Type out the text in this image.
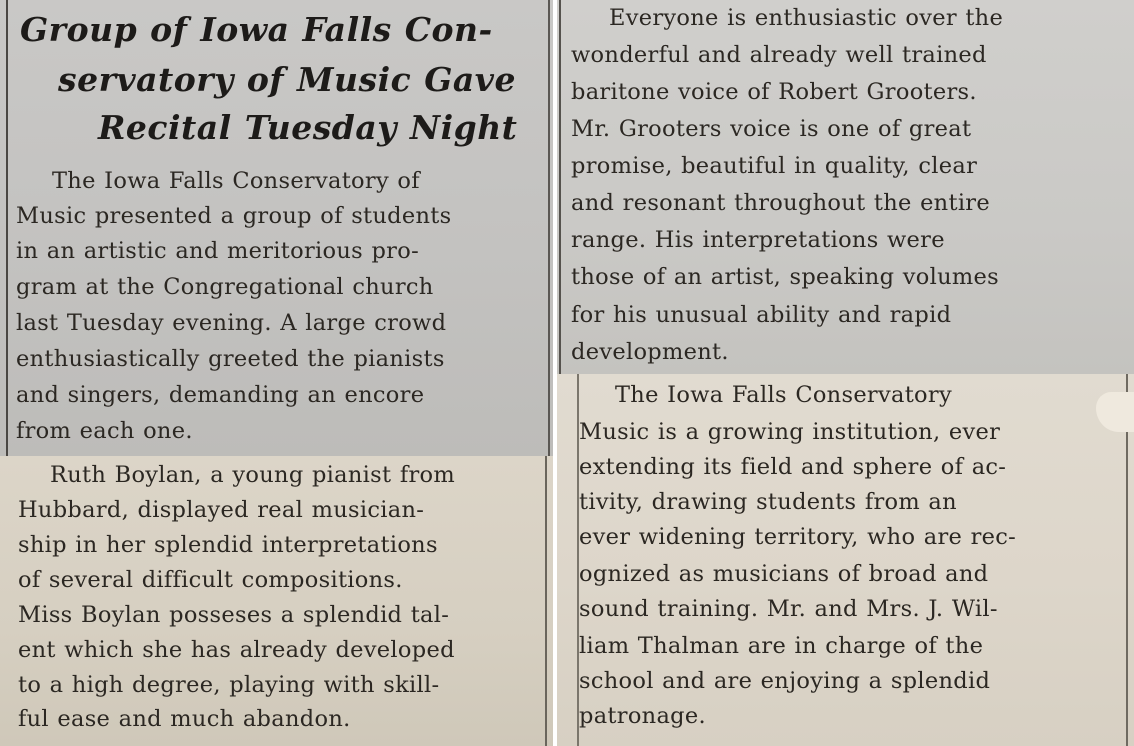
Group of Iowa Falls Con-

servatory of Music Gave

Recital Tuesday Night

The Iowa Falls Conservatory of

Music presented a group of students

in an artistic and meritorious pro-

gram at the Congregational church

last Tuesday evening. A large crowd

enthusiastically greeted the pianists

and singers, demanding an encore

from each one.

Ruth Boylan, a young pianist from

Hubbard, displayed real musician-

ship in her splendid interpretations

of several difficult compositions.

Miss Boylan posseses a splendid tal-

ent which she has already developed

to a high degree, playing with skill-

ful ease and much abandon.

Everyone is enthusiastic over the

wonderful and already well trained

baritone voice of Robert Grooters.

Mr. Grooters voice is one of great

promise, beautiful in quality, clear

and resonant throughout the entire

range. His interpretations were

those of an artist, speaking volumes

for his unusual ability and rapid

development.

The Iowa Falls Conservatory

Music is a growing institution, ever

extending its field and sphere of ac-

tivity, drawing students from an

ever widening territory, who are rec-

ognized as musicians of broad and

sound training. Mr. and Mrs. J. Wil-

liam Thalman are in charge of the

school and are enjoying a splendid

patronage.
